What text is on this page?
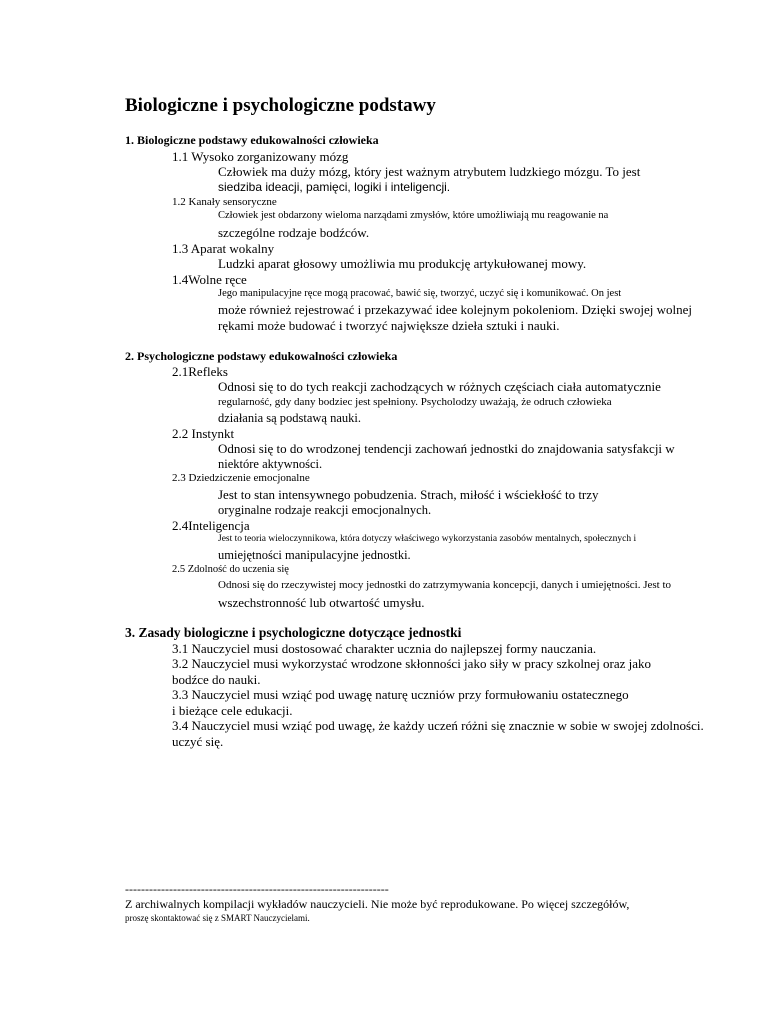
Biologiczne i psychologiczne podstawy
1. Biologiczne podstawy edukowalności człowieka
1.1 Wysoko zorganizowany mózg
Człowiek ma duży mózg, który jest ważnym atrybutem ludzkiego mózgu. To jest
siedziba ideacji, pamięci, logiki i inteligencji.
1.2 Kanały sensoryczne
Człowiek jest obdarzony wieloma narządami zmysłów, które umożliwiają mu reagowanie na
szczególne rodzaje bodźców.
1.3 Aparat wokalny
Ludzki aparat głosowy umożliwia mu produkcję artykułowanej mowy.
1.4Wolne ręce
Jego manipulacyjne ręce mogą pracować, bawić się, tworzyć, uczyć się i komunikować. On jest
może również rejestrować i przekazywać idee kolejnym pokoleniom. Dzięki swojej wolnej
rękami może budować i tworzyć największe dzieła sztuki i nauki.
2. Psychologiczne podstawy edukowalności człowieka
2.1Refleks
Odnosi się to do tych reakcji zachodzących w różnych częściach ciała automatycznie
regularność, gdy dany bodziec jest spełniony. Psycholodzy uważają, że odruch człowieka
działania są podstawą nauki.
2.2 Instynkt
Odnosi się to do wrodzonej tendencji zachowań jednostki do znajdowania satysfakcji w
niektóre aktywności.
2.3 Dziedziczenie emocjonalne
Jest to stan intensywnego pobudzenia. Strach, miłość i wściekłość to trzy
oryginalne rodzaje reakcji emocjonalnych.
2.4Inteligencja
Jest to teoria wieloczynnikowa, która dotyczy właściwego wykorzystania zasobów mentalnych, społecznych i
umiejętności manipulacyjne jednostki.
2.5 Zdolność do uczenia się
Odnosi się do rzeczywistej mocy jednostki do zatrzymywania koncepcji, danych i umiejętności. Jest to
wszechstronność lub otwartość umysłu.
3. Zasady biologiczne i psychologiczne dotyczące jednostki
3.1 Nauczyciel musi dostosować charakter ucznia do najlepszej formy nauczania.
3.2 Nauczyciel musi wykorzystać wrodzone skłonności jako siły w pracy szkolnej oraz jako
bodźce do nauki.
3.3 Nauczyciel musi wziąć pod uwagę naturę uczniów przy formułowaniu ostatecznego
i bieżące cele edukacji.
3.4 Nauczyciel musi wziąć pod uwagę, że każdy uczeń różni się znacznie w sobie w swojej zdolności.
uczyć się.
------------------------------------------------------------------
Z archiwalnych kompilacji wykładów nauczycieli. Nie może być reprodukowane. Po więcej szczegółów,
proszę skontaktować się z SMART Nauczycielami.
